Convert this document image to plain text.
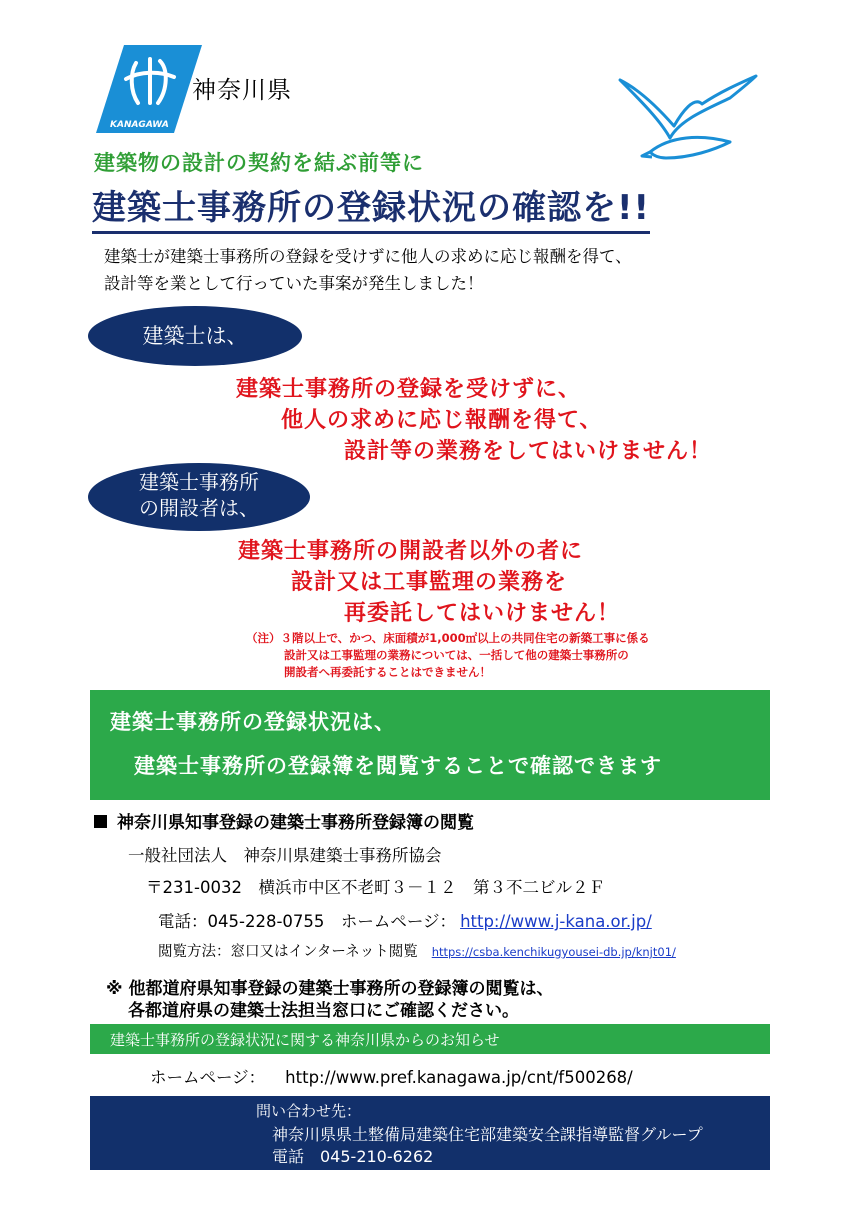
KANAGAWA
神奈川県
建築物の設計の契約を結ぶ前等に
建築士事務所の登録状況の確認を!!
建築士が建築士事務所の登録を受けずに他人の求めに応じ報酬を得て、
設計等を業として行っていた事案が発生しました！
建築士は、
建築士事務所の登録を受けずに、
他人の求めに応じ報酬を得て、
設計等の業務をしてはいけません！
建築士事務所
の開設者は、
建築士事務所の開設者以外の者に
設計又は工事監理の業務を
再委託してはいけません！
（注）３階以上で、かつ、床面積が1,000㎡以上の共同住宅の新築工事に係る
設計又は工事監理の業務については、一括して他の建築士事務所の
開設者へ再委託することはできません！
建築士事務所の登録状況は、
建築士事務所の登録簿を閲覧することで確認できます
神奈川県知事登録の建築士事務所登録簿の閲覧
一般社団法人　神奈川県建築士事務所協会
〒231-0032　横浜市中区不老町３－１２　第３不二ビル２Ｆ
電話：045-228-0755　ホームページ： http://www.j-kana.or.jp/
閲覧方法：窓口又はインターネット閲覧 https://csba.kenchikugyousei-db.jp/knjt01/
※ 他都道府県知事登録の建築士事務所の登録簿の閲覧は、
各都道府県の建築士法担当窓口にご確認ください。
建築士事務所の登録状況に関する神奈川県からのお知らせ
ホームページ： http://www.pref.kanagawa.jp/cnt/f500268/
問い合わせ先：
神奈川県県土整備局建築住宅部建築安全課指導監督グループ
電話　045-210-6262
